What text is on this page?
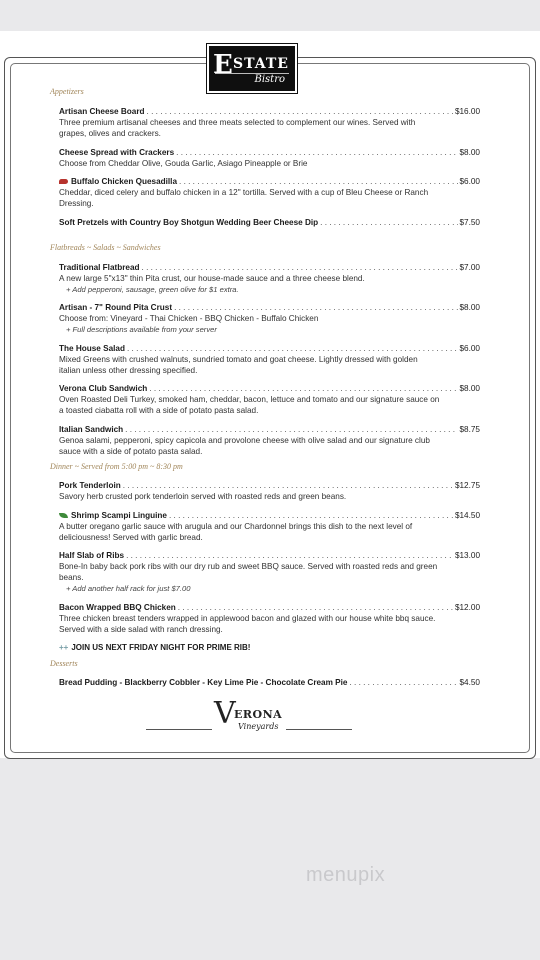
E STATE
Bistro
Appetizers
Artisan Cheese Board . . .	$16.00

Three premium artisanal cheeses and three meats selected to complement our wines. Served with

grapes, olives and crackers.

Cheese Spread with Crackers . . .	$8.00

Choose from Cheddar Olive, Gouda Garlic, Asiago Pineapple or Brie

Buffalo Chicken Quesadilla . . .	$6.00

Cheddar, diced celery and buffalo chicken in a 12" tortilla. Served with a cup of Bleu Cheese or Ranch

Dressing.

Soft Pretzels with Country Boy Shotgun Wedding Beer Cheese Dip . . .	$7.50
Flatbreads ~ Salads ~ Sandwiches
Traditional Flatbread . . .	$7.00

A new large 5"x13" thin Pita crust, our house-made sauce and a three cheese blend.

+ Add pepperoni, sausage, green olive for $1 extra.

Artisan - 7" Round Pita Crust . . .	$8.00

Choose from: Vineyard - Thai Chicken - BBQ Chicken - Buffalo Chicken

+ Full descriptions available from your server

The House Salad . . .	$6.00

Mixed Greens with crushed walnuts, sundried tomato and goat cheese. Lightly dressed with golden

italian unless other dressing specified.

Verona Club Sandwich . . .	$8.00

Oven Roasted Deli Turkey, smoked ham, cheddar, bacon, lettuce and tomato and our signature sauce on

a toasted ciabatta roll with a side of potato pasta salad.

Italian Sandwich . . .	$8.75

Genoa salami, pepperoni, spicy capicola and provolone cheese with olive salad and our signature club

sauce with a side of potato pasta salad.

Dinner ~ Served from 5:00 pm ~ 8:30 pm
Pork Tenderloin . . .	$12.75

Savory herb crusted pork tenderloin served with roasted reds and green beans.

Shrimp Scampi Linguine . . .	$14.50

A butter oregano garlic sauce with arugula and our Chardonnel brings this dish to the next level of

deliciousness! Served with garlic bread.

Half Slab of Ribs . . .	$13.00

Bone-In baby back pork ribs with our dry rub and sweet BBQ sauce. Served with roasted reds and green

beans.

+ Add another half rack for just $7.00

Bacon Wrapped BBQ Chicken . . .	$12.00

Three chicken breast tenders wrapped in applewood bacon and glazed with our house white bbq sauce.

Served with a side salad with ranch dressing.

++ JOIN US NEXT FRIDAY NIGHT FOR PRIME RIB!
Desserts
Bread Pudding - Blackberry Cobbler - Key Lime Pie - Chocolate Cream Pie . . .	$4.50
V
ERONA
Vineyards
menupix
